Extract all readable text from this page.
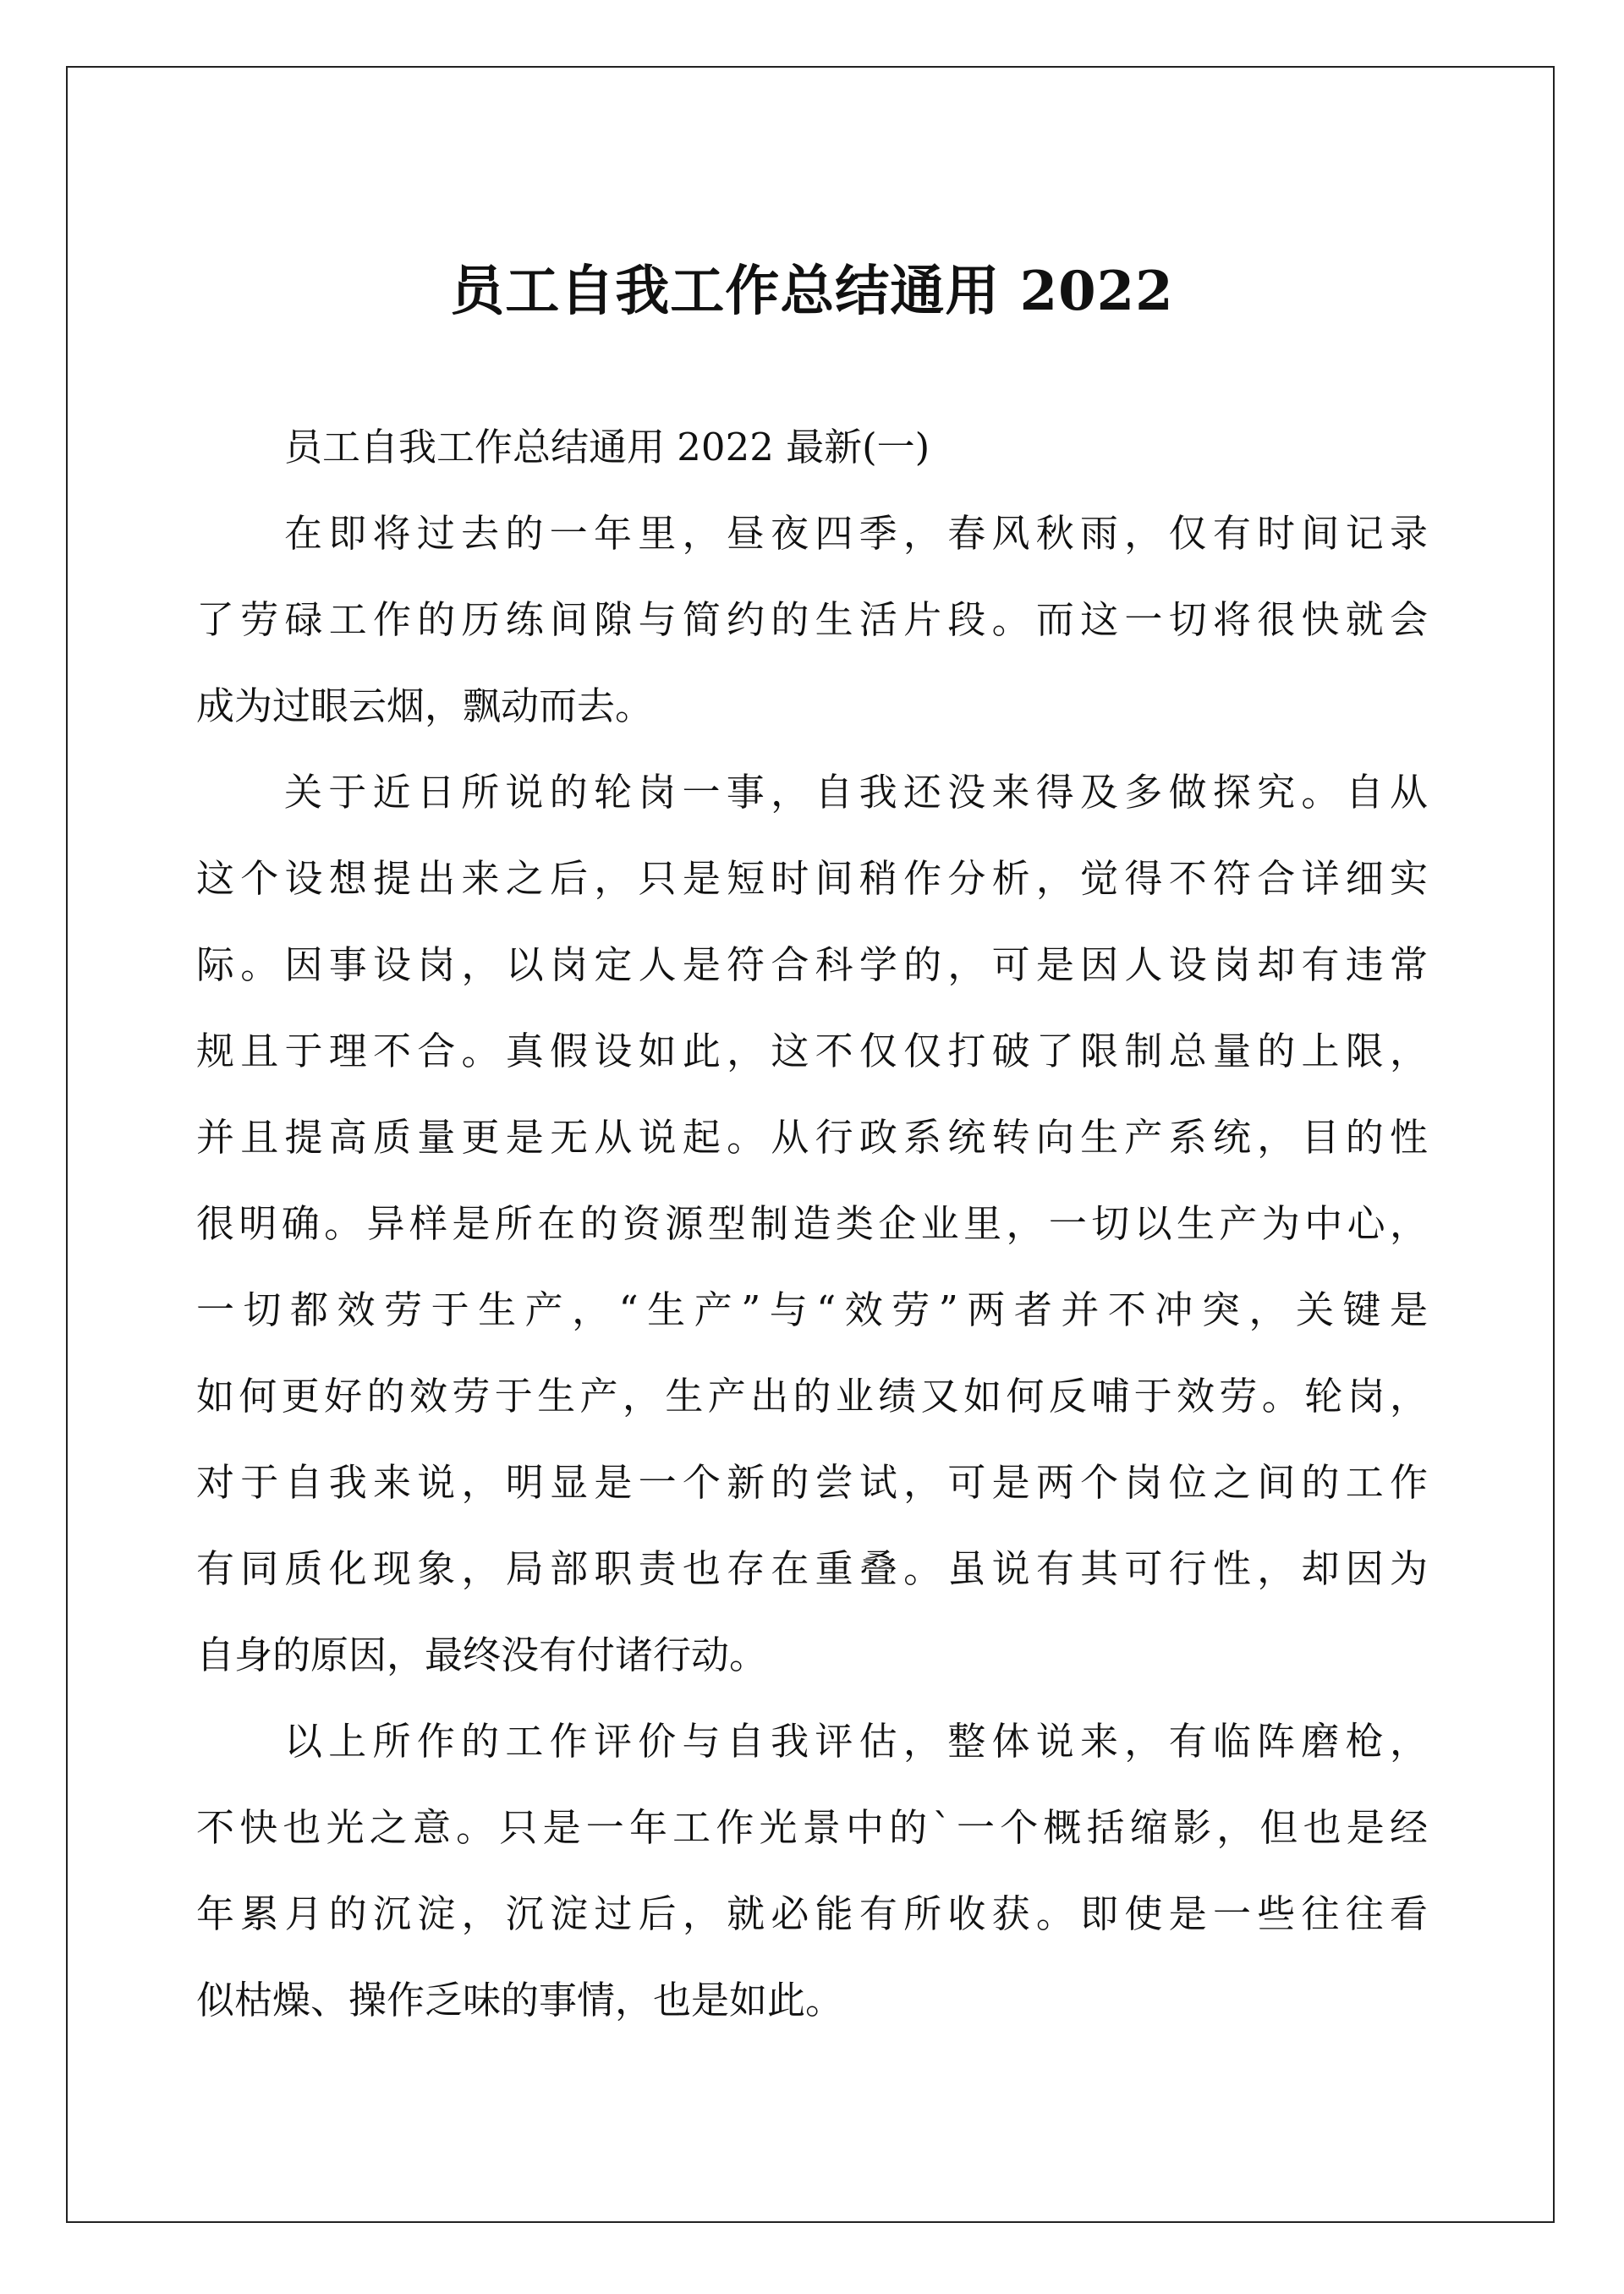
员工自我工作总结通用 2022
员工自我工作总结通用 2022 最新(一)
在即将过去的一年里，昼夜四季，春风秋雨，仅有时间记录
了劳碌工作的历练间隙与简约的生活片段。而这一切将很快就会
成为过眼云烟，飘动而去。
关于近日所说的轮岗一事，自我还没来得及多做探究。自从
这个设想提出来之后，只是短时间稍作分析，觉得不符合详细实
际。因事设岗，以岗定人是符合科学的，可是因人设岗却有违常
规且于理不合。真假设如此，这不仅仅打破了限制总量的上限，
并且提高质量更是无从说起。从行政系统转向生产系统，目的性
很明确。异样是所在的资源型制造类企业里，一切以生产为中心，
一切都效劳于生产，“生产”与“效劳”两者并不冲突，关键是
如何更好的效劳于生产，生产出的业绩又如何反哺于效劳。轮岗，
对于自我来说，明显是一个新的尝试，可是两个岗位之间的工作
有同质化现象，局部职责也存在重叠。虽说有其可行性，却因为
自身的原因，最终没有付诸行动。
以上所作的工作评价与自我评估，整体说来，有临阵磨枪，
不快也光之意。只是一年工作光景中的`一个概括缩影，但也是经
年累月的沉淀，沉淀过后，就必能有所收获。即使是一些往往看
似枯燥、操作乏味的事情，也是如此。
